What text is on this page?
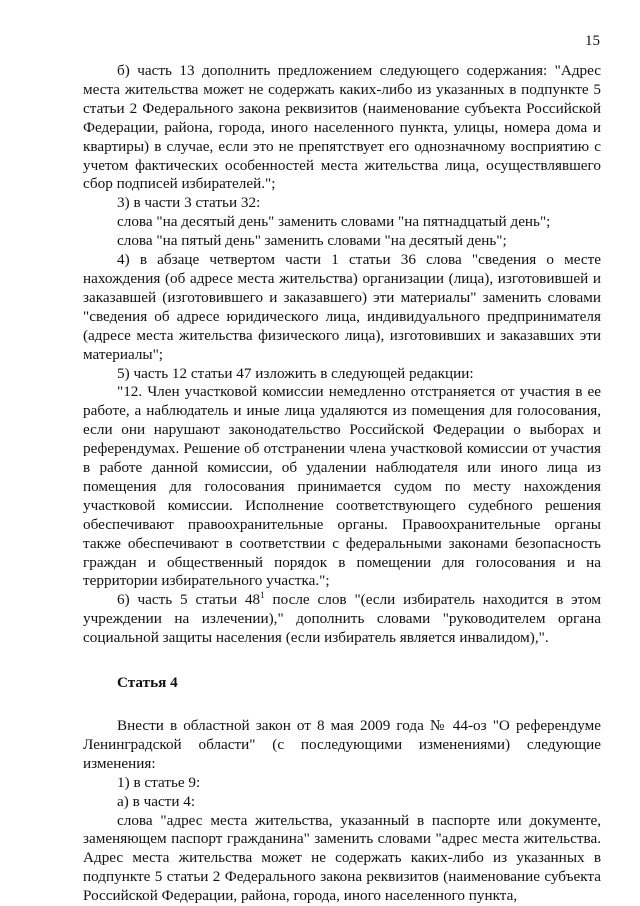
15

б) часть 13 дополнить предложением следующего содержания: "Адрес места жительства может не содержать каких-либо из указанных в подпункте 5 статьи 2 Федерального закона реквизитов (наименование субъекта Российской Федерации, района, города, иного населенного пункта, улицы, номера дома и квартиры) в случае, если это не препятствует его однозначному восприятию с учетом фактических особенностей места жительства лица, осуществлявшего сбор подписей избирателей.";

3) в части 3 статьи 32:

слова "на десятый день" заменить словами "на пятнадцатый день";

слова "на пятый день" заменить словами "на десятый день";

4) в абзаце четвертом части 1 статьи 36 слова "сведения о месте нахождения (об адресе места жительства) организации (лица), изготовившей и заказавшей (изготовившего и заказавшего) эти материалы" заменить словами "сведения об адресе юридического лица, индивидуального предпринимателя (адресе места жительства физического лица), изготовивших и заказавших эти материалы";

5) часть 12 статьи 47 изложить в следующей редакции:

"12. Член участковой комиссии немедленно отстраняется от участия в ее работе, а наблюдатель и иные лица удаляются из помещения для голосования, если они нарушают законодательство Российской Федерации о выборах и референдумах. Решение об отстранении члена участковой комиссии от участия в работе данной комиссии, об удалении наблюдателя или иного лица из помещения для голосования принимается судом по месту нахождения участковой комиссии. Исполнение соответствующего судебного решения обеспечивают правоохранительные органы. Правоохранительные органы также обеспечивают в соответствии с федеральными законами безопасность граждан и общественный порядок в помещении для голосования и на территории избирательного участка.";

6) часть 5 статьи $48^1$ после слов "(если избиратель находится в этом учреждении на излечении)," дополнить словами "руководителем органа социальной защиты населения (если избиратель является инвалидом),".

Статья 4

Внести в областной закон от 8 мая 2009 года № 44-оз "О референдуме Ленинградской области" (с последующими изменениями) следующие изменения:

1) в статье 9:

а) в части 4:

слова "адрес места жительства, указанный в паспорте или документе, заменяющем паспорт гражданина" заменить словами "адрес места жительства. Адрес места жительства может не содержать каких-либо из указанных в подпункте 5 статьи 2 Федерального закона реквизитов (наименование субъекта Российской Федерации, района, города, иного населенного пункта,
